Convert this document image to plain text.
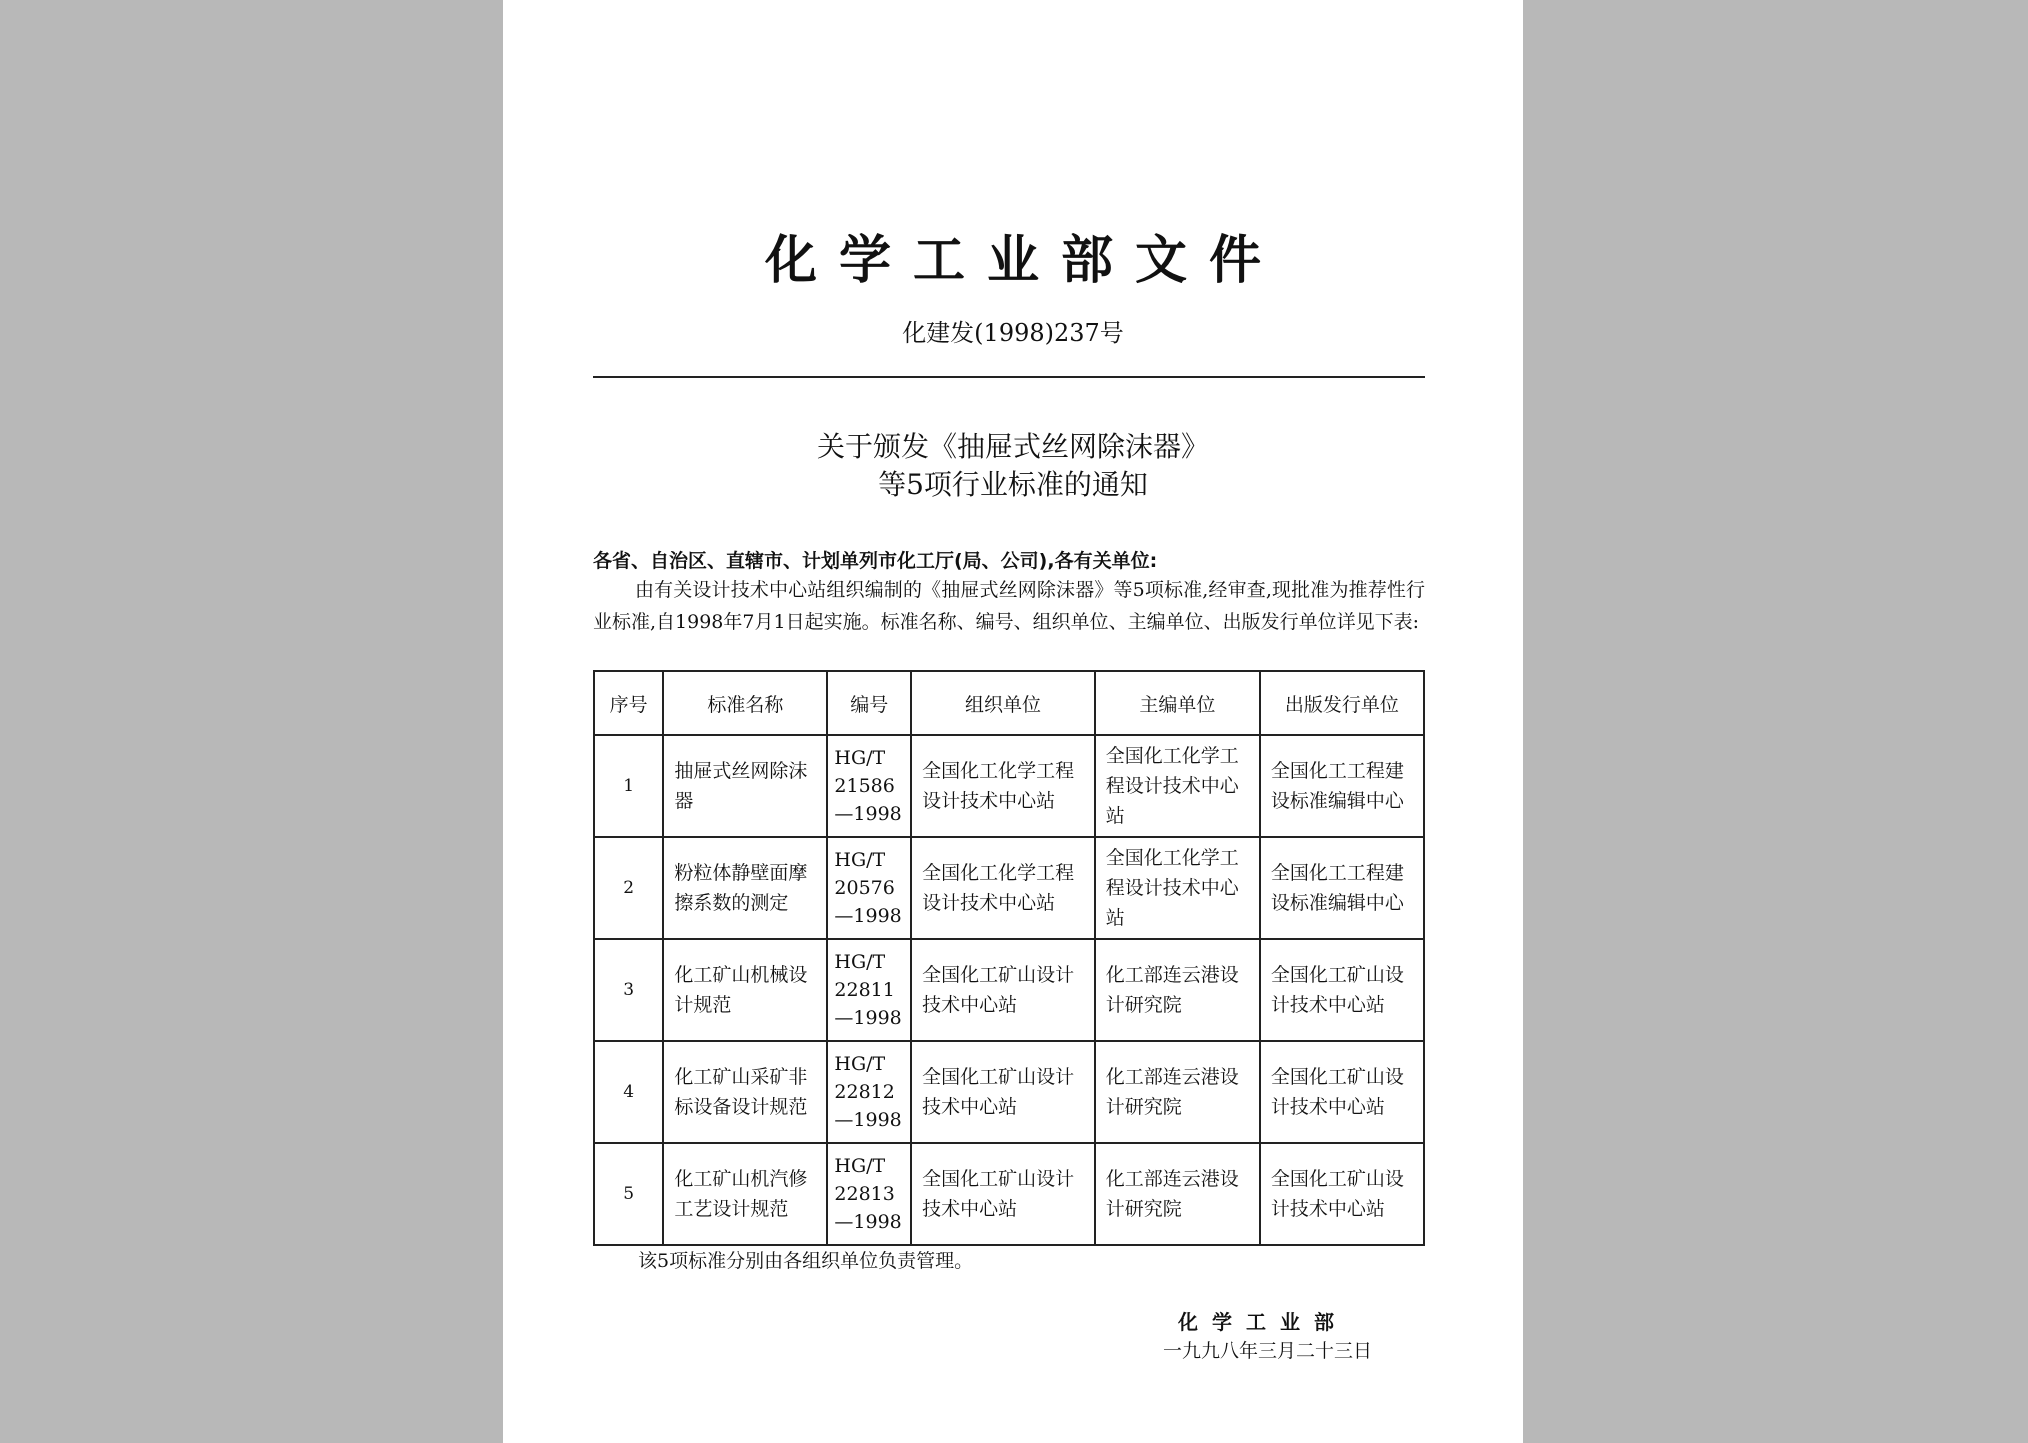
化学工业部文件
化建发(1998)237号
关于颁发《抽屉式丝网除沫器》
等5项行业标准的通知
各省、自治区、直辖市、计划单列市化工厅(局、公司),各有关单位:
由有关设计技术中心站组织编制的《抽屉式丝网除沫器》等5项标准,经审查,现批准为推荐性行业标准,自1998年7月1日起实施。标准名称、编号、组织单位、主编单位、出版发行单位详见下表:
序号	标准名称	编号	组织单位	主编单位	出版发行单位
1	抽屉式丝网除沫器	HG/T 21586 —1998	全国化工化学工程设计技术中心站	全国化工化学工程设计技术中心站	全国化工工程建设标准编辑中心
2	粉粒体静壁面摩擦系数的测定	HG/T 20576 —1998	全国化工化学工程设计技术中心站	全国化工化学工程设计技术中心站	全国化工工程建设标准编辑中心
3	化工矿山机械设计规范	HG/T 22811 —1998	全国化工矿山设计技术中心站	化工部连云港设计研究院	全国化工矿山设计技术中心站
4	化工矿山采矿非标设备设计规范	HG/T 22812 —1998	全国化工矿山设计技术中心站	化工部连云港设计研究院	全国化工矿山设计技术中心站
5	化工矿山机汽修工艺设计规范	HG/T 22813 —1998	全国化工矿山设计技术中心站	化工部连云港设计研究院	全国化工矿山设计技术中心站
该5项标准分别由各组织单位负责管理。
化学工业部
一九九八年三月二十三日
